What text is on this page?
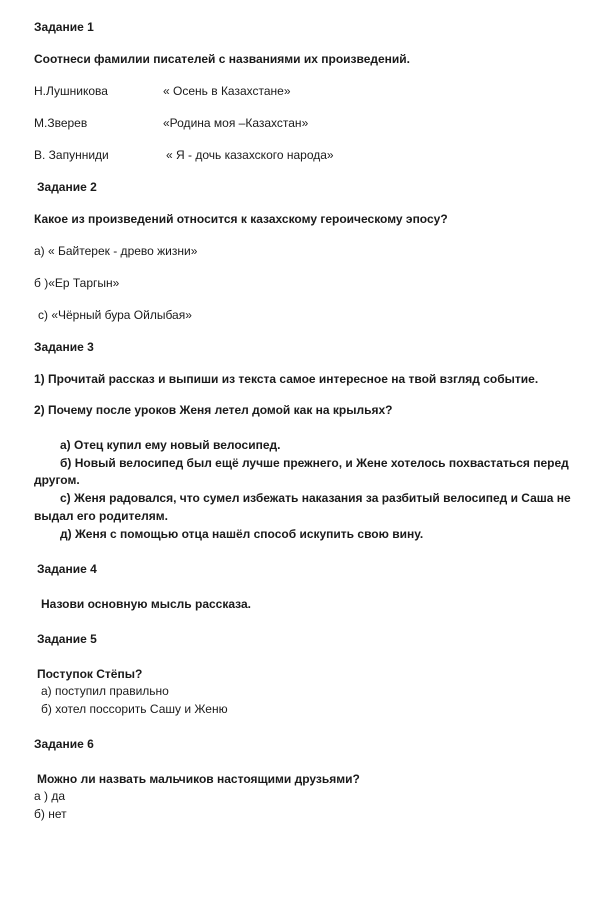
Задание 1
Соотнеси фамилии писателей с названиями их произведений.
Н.Лушникова	« Осень в Казахстане»
М.Зверев	«Родина моя –Казахстан»
В. Запунниди	« Я - дочь казахского народа»
Задание 2
Какое из произведений относится к казахскому героическому эпосу?
а) « Байтерек - древо жизни»
б )«Ер Таргын»
с) «Чёрный бура Ойлыбая»
Задание 3
1) Прочитай рассказ и выпиши из текста самое интересное на твой взгляд событие.
2) Почему после уроков Женя летел домой как на крыльях?
а) Отец купил ему новый велосипед.
б) Новый велосипед был ещё лучше прежнего, и Жене хотелось похвастаться перед
другом.
с) Женя радовался, что сумел избежать наказания за разбитый велосипед и Саша не
выдал его родителям.
д) Женя с помощью отца нашёл способ искупить свою вину.
Задание 4
Назови основную мысль рассказа.
Задание 5
Поступок Стёпы?
а) поступил правильно
б) хотел поссорить Сашу и Женю
Задание 6
Можно ли назвать мальчиков настоящими друзьями?
а ) да
б) нет
